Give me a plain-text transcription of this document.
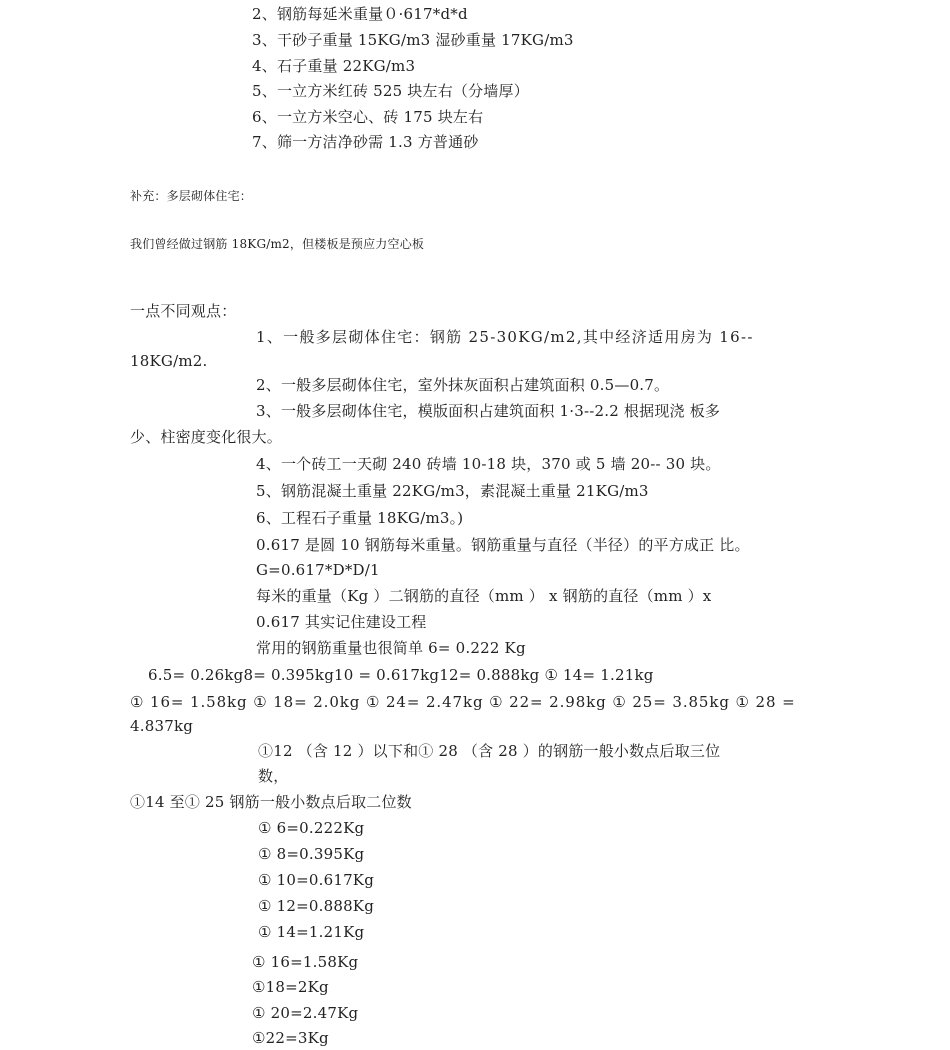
2、钢筋每延米重量０·617*d*d
3、干砂子重量 15KG/m3 湿砂重量 17KG/m3
4、石子重量 22KG/m3
5、一立方米红砖 525 块左右（分墙厚）
6、一立方米空心、砖 175 块左右
7、筛一方洁净砂需 1.3 方普通砂
补充：多层砌体住宅：
我们曾经做过钢筋 18KG/m2，但楼板是预应力空心板
一点不同观点：
1、一般多层砌体住宅：钢筋 25-30KG/m2,其中经济适用房为 16--
18KG/m2.
2、一般多层砌体住宅，室外抹灰面积占建筑面积 0.5—0.7。
3、一般多层砌体住宅，模版面积占建筑面积 1·3--2.2 根据现浇 板多
少、柱密度变化很大。
4、一个砖工一天砌 240 砖墙 10-18 块，370 或 5 墙 20-- 30 块。
5、钢筋混凝土重量 22KG/m3，素混凝土重量 21KG/m3
6、工程石子重量 18KG/m3。)
0.617 是圆 10 钢筋每米重量。钢筋重量与直径（半径）的平方成正 比。
G=0.617*D*D/1
每米的重量（Kg ）二钢筋的直径（mm ） x 钢筋的直径（mm ）x
0.617 其实记住建设工程
常用的钢筋重量也很简单 6= 0.222 Kg
6.5= 0.26kg8= 0.395kg10 = 0.617kg12= 0.888kg ① 14= 1.21kg
① 16= 1.58kg ① 18= 2.0kg ① 24= 2.47kg ① 22= 2.98kg ① 25= 3.85kg ① 28 =
4.837kg
①12 （含 12 ）以下和① 28 （含 28 ）的钢筋一般小数点后取三位
数，
①14 至① 25 钢筋一般小数点后取二位数
① 6=0.222Kg
① 8=0.395Kg
① 10=0.617Kg
① 12=0.888Kg
① 14=1.21Kg
① 16=1.58Kg
①18=2Kg
① 20=2.47Kg
①22=3Kg
